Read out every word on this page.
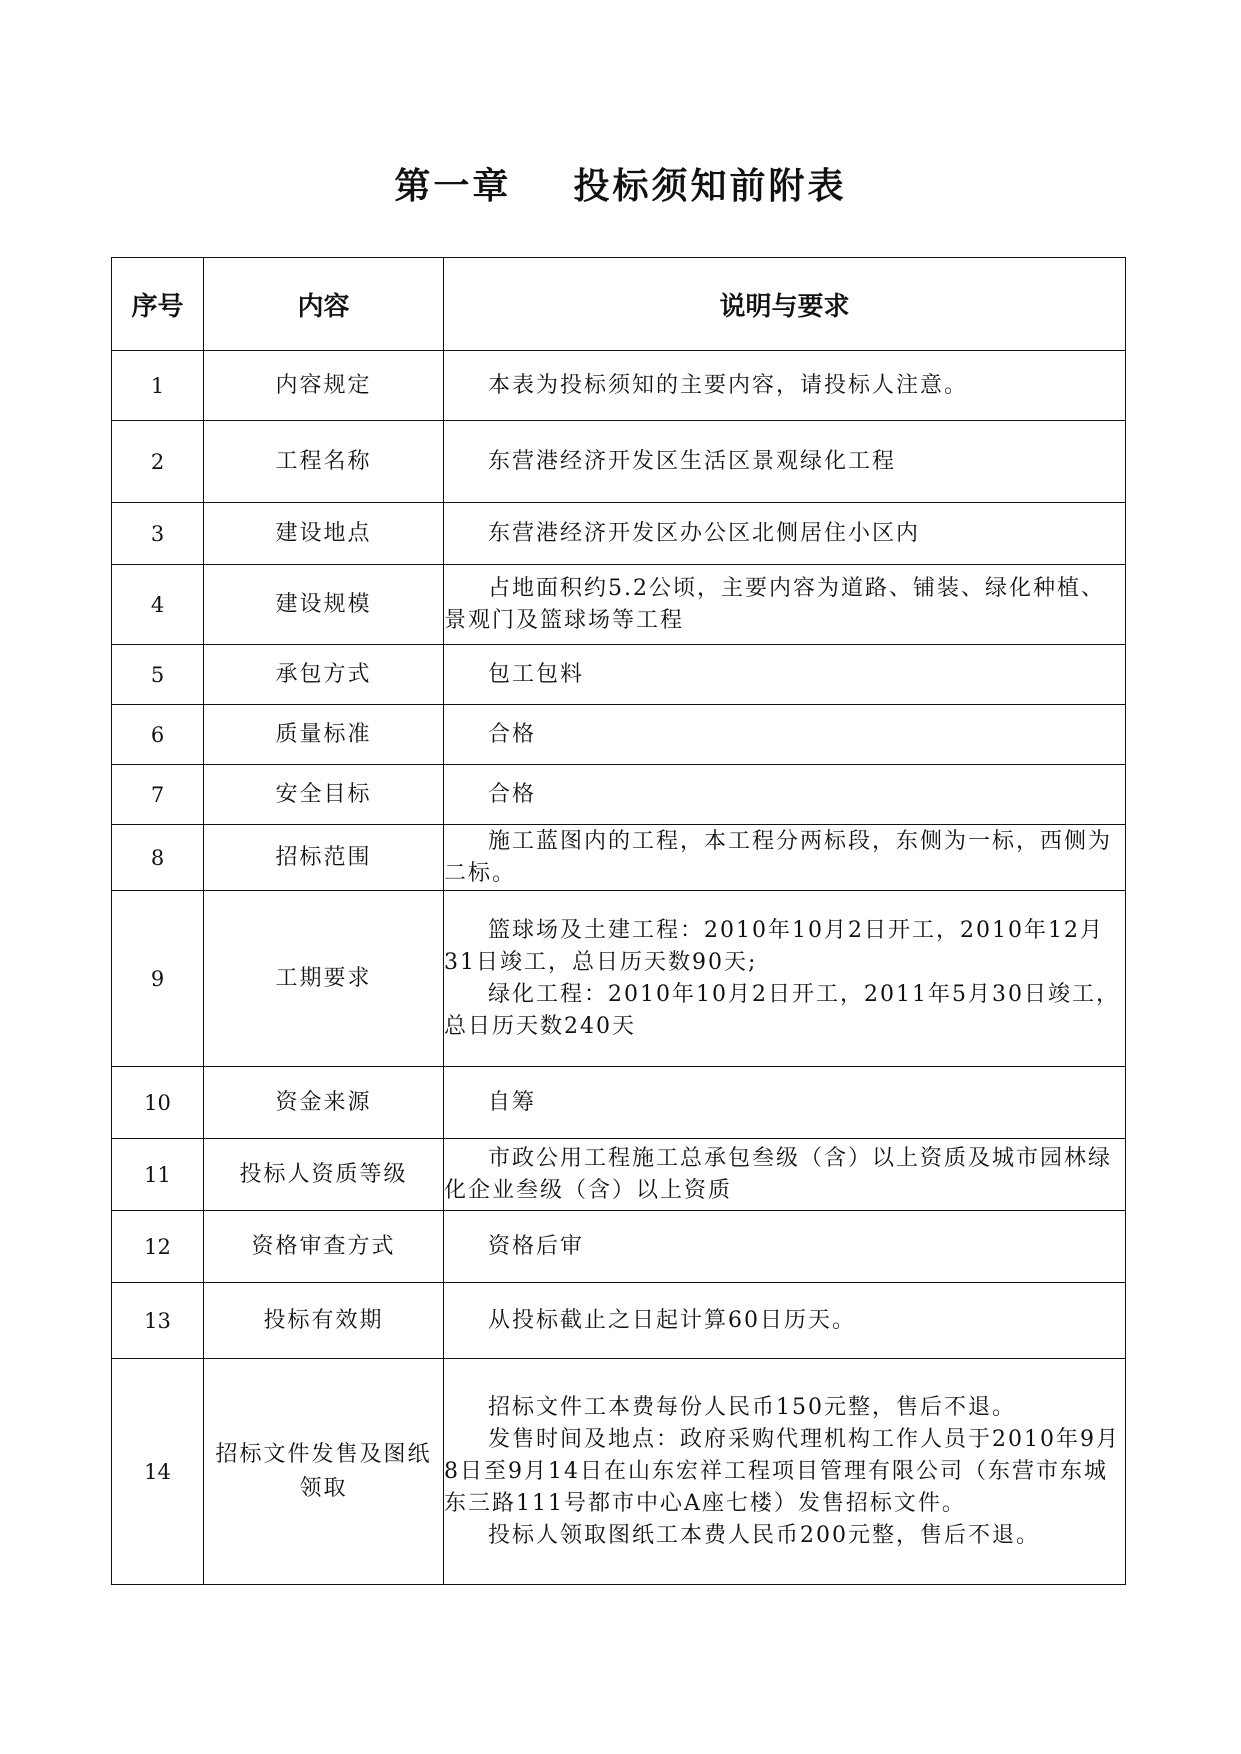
第一章    投标须知前附表
序号	内容	说明与要求
1	内容规定	本表为投标须知的主要内容，请投标人注意。

2	工程名称	东营港经济开发区生活区景观绿化工程

3	建设地点	东营港经济开发区办公区北侧居住小区内

4	建设规模	占地面积约5.2公顷，主要内容为道路、铺装、绿化种植、景观门及篮球场等工程

5	承包方式	包工包料

6	质量标准	合格

7	安全目标	合格

8	招标范围	施工蓝图内的工程，本工程分两标段，东侧为一标，西侧为二标。

9	工期要求	篮球场及土建工程：2010年10月2日开工，2010年12月31日竣工，总日历天数90天;

绿化工程：2010年10月2日开工，2011年5月30日竣工，总日历天数240天

10	资金来源	自筹

11	投标人资质等级	市政公用工程施工总承包叁级（含）以上资质及城市园林绿化企业叁级（含）以上资质

12	资格审查方式	资格后审

13	投标有效期	从投标截止之日起计算60日历天。

14	招标文件发售及图纸领取	招标文件工本费每份人民币150元整，售后不退。

发售时间及地点：政府采购代理机构工作人员于2010年9月8日至9月14日在山东宏祥工程项目管理有限公司（东营市东城东三路111号都市中心A座七楼）发售招标文件。

投标人领取图纸工本费人民币200元整，售后不退。
